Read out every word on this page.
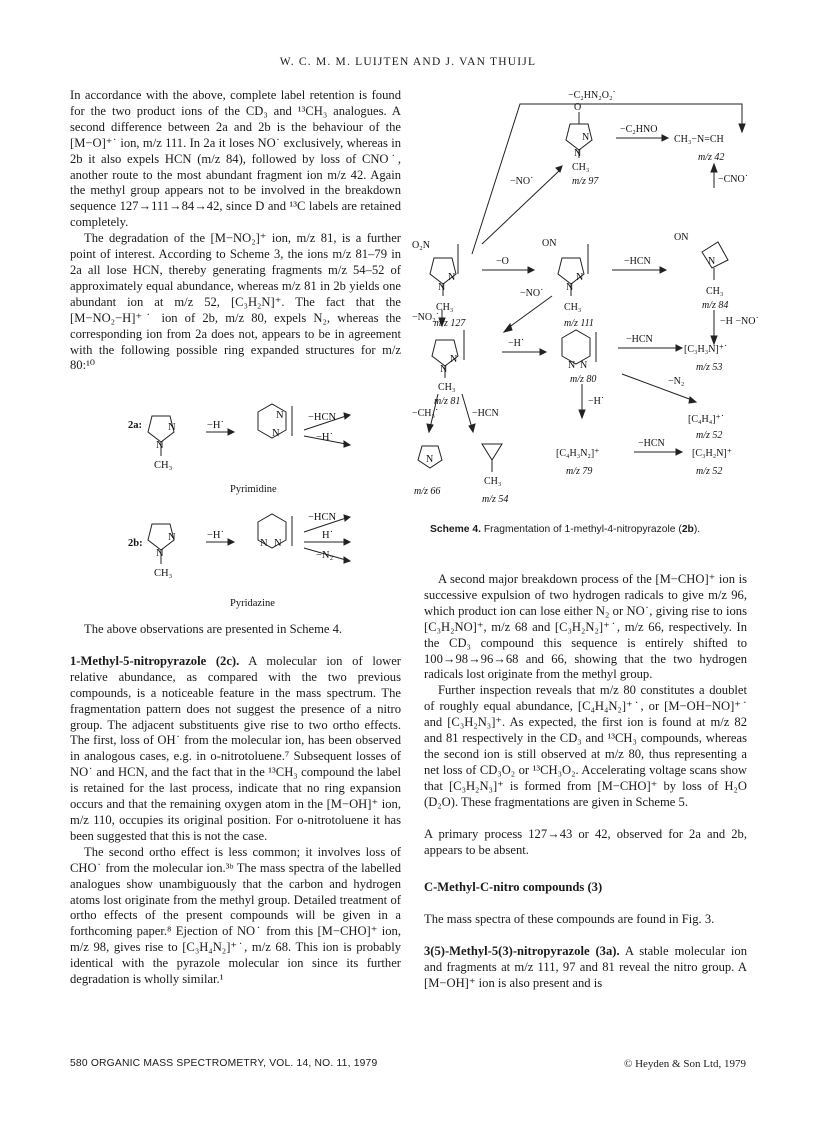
W. C. M. M. LUIJTEN AND J. VAN THUIJL

In accordance with the above, complete label retention is found for the two product ions of the CD₃ and ¹³CH₃ analogues. A second difference between 2a and 2b is the behaviour of the [M−O]⁺˙ ion, m/z 111. In 2a it loses NO˙ exclusively, whereas in 2b it also expels HCN (m/z 84), followed by loss of CNO˙, another route to the most abundant fragment ion m/z 42. Again the methyl group appears not to be involved in the breakdown sequence 127→111→84→42, since D and ¹³C labels are retained completely.

The degradation of the [M−NO₂]⁺ ion, m/z 81, is a further point of interest. According to Scheme 3, the ions m/z 81–79 in 2a all lose HCN, thereby generating fragments m/z 54–52 of approximately equal abundance, whereas m/z 81 in 2b yields one abundant ion at m/z 52, [C₃H₂N]⁺. The fact that the [M−NO₂−H]⁺˙ ion of 2b, m/z 80, expels N₂, whereas the corresponding ion from 2a does not, appears to be in agreement with the following possible ring expanded structures for m/z 80:¹⁰

2a: N
N
CH₃
−H˙
N
N
−HCN
−H˙
Pyrimidine
2b:
N
N
CH₃
−H˙
N N
−HCN
H˙
−N₂
Pyridazine

The above observations are presented in Scheme 4.

1-Methyl-5-nitropyrazole (2c). A molecular ion of lower relative abundance, as compared with the two previous compounds, is a noticeable feature in the mass spectrum. The fragmentation pattern does not suggest the presence of a nitro group. The adjacent substituents give rise to two ortho effects. The first, loss of OH˙ from the molecular ion, has been observed in analogous cases, e.g. in o-nitrotoluene.⁷ Subsequent losses of NO˙ and HCN, and the fact that in the ¹³CH₃ compound the label is retained for the last process, indicate that no ring expansion occurs and that the remaining oxygen atom in the [M−OH]⁺ ion, m/z 110, occupies its original position. For o-nitrotoluene it has been suggested that this is not the case.

The second ortho effect is less common; it involves loss of CHO˙ from the molecular ion.³ᵇ The mass spectra of the labelled analogues show unambiguously that the carbon and hydrogen atoms lost originate from the methyl group. Detailed treatment of ortho effects of the present compounds will be given in a forthcoming paper.⁸ Ejection of NO˙ from this [M−CHO]⁺ ion, m/z 98, gives rise to [C₃H₄N₂]⁺˙, m/z 68. This ion is probably identical with the pyrazole molecular ion since its further degradation is wholly similar.¹

−C₂HN₂O₂˙
O
N
N
CH₃
m/z 97
−C₂HNO
CH₃−N=CH
m/z 42
−CNO˙
−NO˙
O₂N	ON
ON
N
N
CH₃
m/z 127
−O
N
N
CH₃
m/z 111
−HCN	N
CH₃
m/z 84
−H −NO˙
−NO₂˙
−NO˙
N
N
CH₃
m/z 81
−H˙
N N
m/z 80
−HCN
[C₃H₃N]⁺˙
m/z 53
−N₂
[C₄H₄]⁺˙
m/z 52
−CH₃˙	−HCN
−H˙
[C₄H₃N₂]⁺
m/z 79
−HCN
[C₃H₂N]⁺
m/z 52
N
CH₃
m/z 66
m/z 54
Scheme 4. Fragmentation of 1-methyl-4-nitropyrazole (2b).

A second major breakdown process of the [M−CHO]⁺ ion is successive expulsion of two hydrogen radicals to give m/z 96, which product ion can lose either N₂ or NO˙, giving rise to ions [C₃H₂NO]⁺, m/z 68 and [C₃H₂N₂]⁺˙, m/z 66, respectively. In the CD₃ compound this sequence is entirely shifted to 100→98→96→68 and 66, showing that the two hydrogen radicals lost originate from the methyl group.

Further inspection reveals that m/z 80 constitutes a doublet of roughly equal abundance, [C₄H₄N₂]⁺˙, or [M−OH−NO]⁺˙ and [C₃H₂N₃]⁺. As expected, the first ion is found at m/z 82 and 81 respectively in the CD₃ and ¹³CH₃ compounds, whereas the second ion is still observed at m/z 80, thus representing a net loss of CD₃O₂ or ¹³CH₃O₂. Accelerating voltage scans show that [C₃H₂N₃]⁺ is formed from [M−CHO]⁺ by loss of H₂O (D₂O). These fragmentations are given in Scheme 5.

A primary process 127→43 or 42, observed for 2a and 2b, appears to be absent.

C-Methyl-C-nitro compounds (3)

The mass spectra of these compounds are found in Fig. 3.

3(5)-Methyl-5(3)-nitropyrazole (3a). A stable molecular ion and fragments at m/z 111, 97 and 81 reveal the nitro group. A [M−OH]⁺ ion is also present and is

580 ORGANIC MASS SPECTROMETRY, VOL. 14, NO. 11, 1979	© Heyden & Son Ltd, 1979
